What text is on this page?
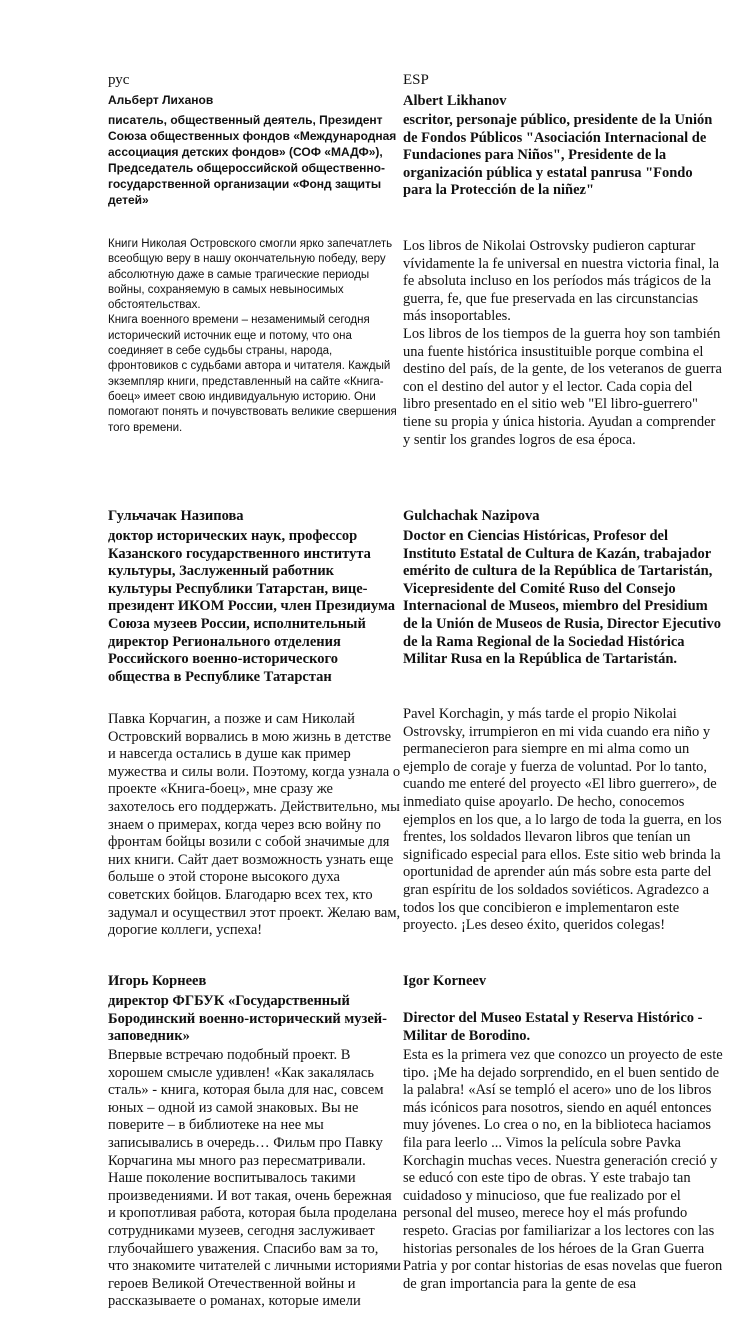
рус
Альберт Лиханов
писатель, общественный деятель, Президент Союза общественных фондов «Международная ассоциация детских фондов» (СОФ «МАДФ»), Председатель общероссийской общественно-государственной организации «Фонд защиты детей»
Книги Николая Островского смогли ярко запечатлеть всеобщую веру в нашу окончательную победу, веру абсолютную даже в самые трагические периоды войны, сохраняемую в самых невыносимых обстоятельствах.
Книга военного времени – незаменимый сегодня исторический источник еще и потому, что она соединяет в себе судьбы страны, народа, фронтовиков с судьбами автора и читателя. Каждый экземпляр книги, представленный на сайте «Книга-боец» имеет свою индивидуальную историю. Они помогают понять и почувствовать великие свершения того времени.
Гульчачак Назипова
доктор исторических наук, профессор Казанского государственного института культуры, Заслуженный работник культуры Республики Татарстан, вице-президент ИКОМ России, член Президиума Союза музеев России, исполнительный директор Регионального отделения Российского военно-исторического общества в Республике Татарстан
Павка Корчагин, а позже и сам Николай Островский ворвались в мою жизнь в детстве и навсегда остались в душе как пример мужества и силы воли. Поэтому, когда узнала о проекте «Книга-боец», мне сразу же захотелось его поддержать. Действительно, мы знаем о примерах, когда через всю войну по фронтам бойцы возили с собой значимые для них книги. Сайт дает возможность узнать еще больше о этой стороне высокого духа советских бойцов. Благодарю всех тех, кто задумал и осуществил этот проект. Желаю вам, дорогие коллеги, успеха!
Игорь Корнеев
директор ФГБУК «Государственный Бородинский военно-исторический музей-заповедник»
Впервые встречаю подобный проект. В хорошем смысле удивлен! «Как закалялась сталь» - книга, которая была для нас, совсем юных – одной из самой знаковых. Вы не поверите – в библиотеке на нее мы записывались в очередь… Фильм про Павку Корчагина мы много раз пересматривали. Наше поколение воспитывалось такими произведениями. И вот такая, очень бережная и кропотливая работа, которая была проделана сотрудниками музеев, сегодня заслуживает глубочайшего уважения. Спасибо вам за то, что знакомите читателей с личными историями героев Великой Отечественной войны и рассказываете о романах, которые имели
ESP
Albert Likhanov
escritor, personaje público, presidente de la Unión de Fondos Públicos "Asociación Internacional de Fundaciones para Niños", Presidente de la organización pública y estatal panrusa "Fondo para la Protección de la niñez"
Los libros de Nikolai Ostrovsky pudieron capturar vívidamente la fe universal en nuestra victoria final, la fe absoluta incluso en los períodos más trágicos de la guerra, fe, que fue preservada en las circunstancias más insoportables.
Los libros de los tiempos de la guerra hoy son también una fuente histórica insustituible porque combina el destino del país, de la gente, de los veteranos de guerra con el destino del autor y el lector. Cada copia del libro presentado en el sitio web "El libro-guerrero" tiene su propia y única historia. Ayudan a comprender y sentir los grandes logros de esa época.
Gulchachak Nazipova
Doctor en Ciencias Históricas, Profesor del Instituto Estatal de Cultura de Kazán, trabajador emérito de cultura de la República de Tartaristán, Vicepresidente del Comité Ruso del Consejo Internacional de Museos, miembro del Presidium de la Unión de Museos de Rusia, Director Ejecutivo de la Rama Regional de la Sociedad Histórica Militar Rusa en la República de Tartaristán.
Pavel Korchagin, y más tarde el propio Nikolai Ostrovsky, irrumpieron en mi vida cuando era niño y permanecieron para siempre en mi alma como un ejemplo de coraje y fuerza de voluntad. Por lo tanto, cuando me enteré del proyecto «El libro guerrero», de inmediato quise apoyarlo. De hecho, conocemos ejemplos en los que, a lo largo de toda la guerra, en los frentes, los soldados llevaron libros que tenían un significado especial para ellos. Este sitio web brinda la oportunidad de aprender aún más sobre esta parte del gran espíritu de los soldados soviéticos. Agradezco a todos los que concibieron e implementaron este proyecto. ¡Les deseo éxito, queridos colegas!
Igor Korneev
Director del Museo Estatal y Reserva Histórico - Militar de Borodino.
Esta es la primera vez que conozco un proyecto de este tipo. ¡Me ha dejado sorprendido, en el buen sentido de la palabra! «Así se templó el acero» uno de los libros más icónicos para nosotros, siendo en aquél entonces muy jóvenes. Lo crea o no, en la biblioteca haciamos fila para leerlo ... Vimos la película sobre Pavka Korchagin muchas veces. Nuestra generación creció y se educó con este tipo de obras. Y este trabajo tan cuidadoso y minucioso, que fue realizado por el personal del museo, merece hoy el más profundo respeto. Gracias por familiarizar a los lectores con las historias personales de los héroes de la Gran Guerra Patria y por contar historias de esas novelas que fueron de gran importancia para la gente de esa
